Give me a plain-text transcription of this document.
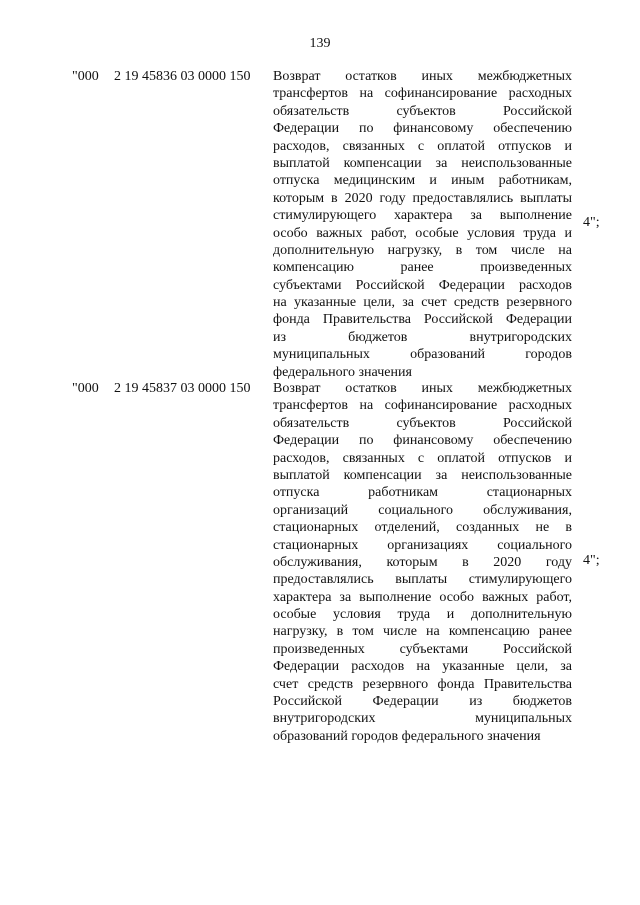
139
"000 2 19 45836 03 0000 150 Возврат остатков иных межбюджетных
трансфертов на софинансирование расходных
обязательств субъектов Российской
Федерации по финансовому обеспечению
расходов, связанных с оплатой отпусков и
выплатой компенсации за неиспользованные
отпуска медицинским и иным работникам,
которым в 2020 году предоставлялись выплаты
стимулирующего характера за выполнение
особо важных работ, особые условия труда и
дополнительную нагрузку, в том числе на
компенсацию ранее произведенных
субъектами Российской Федерации расходов
на указанные цели, за счет средств резервного
фонда Правительства Российской Федерации
из бюджетов внутригородских
муниципальных образований городов
федерального значения
4";
"000 2 19 45837 03 0000 150 Возврат остатков иных межбюджетных
трансфертов на софинансирование расходных
обязательств субъектов Российской
Федерации по финансовому обеспечению
расходов, связанных с оплатой отпусков и
выплатой компенсации за неиспользованные
отпуска работникам стационарных
организаций социального обслуживания,
стационарных отделений, созданных не в
стационарных организациях социального
обслуживания, которым в 2020 году
предоставлялись выплаты стимулирующего
характера за выполнение особо важных работ,
особые условия труда и дополнительную
нагрузку, в том числе на компенсацию ранее
произведенных субъектами Российской
Федерации расходов на указанные цели, за
счет средств резервного фонда Правительства
Российской Федерации из бюджетов
внутригородских муниципальных
образований городов федерального значения
4";
